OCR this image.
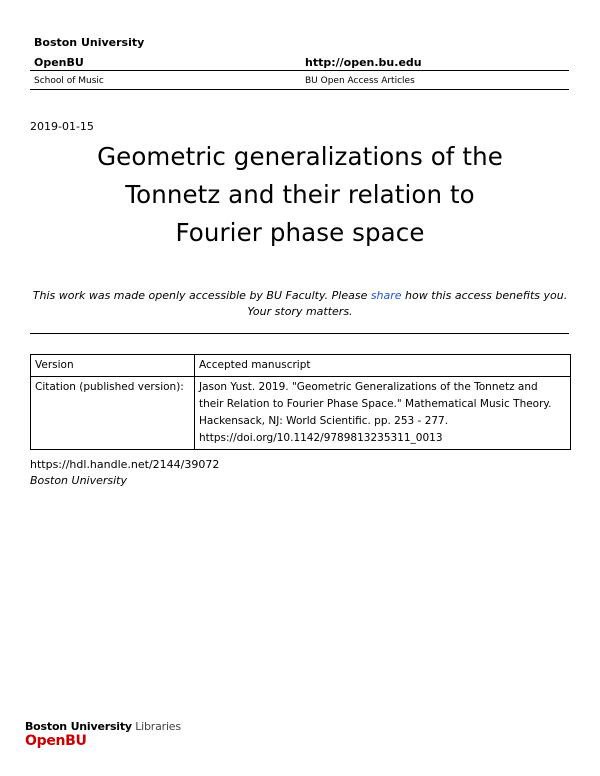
Boston University
OpenBU	http://open.bu.edu
School of Music	BU Open Access Articles
2019-01-15
Geometric generalizations of the
Tonnetz and their relation to
Fourier phase space
This work was made openly accessible by BU Faculty. Please share how this access benefits you.
Your story matters.
Version	Accepted manuscript
Citation (published version):	Jason Yust. 2019. "Geometric Generalizations of the Tonnetz and
their Relation to Fourier Phase Space." Mathematical Music Theory.
Hackensack, NJ: World Scientific. pp. 253 - 277.
https://doi.org/10.1142/9789813235311_0013
https://hdl.handle.net/2144/39072
Boston University
Boston University Libraries
OpenBU
